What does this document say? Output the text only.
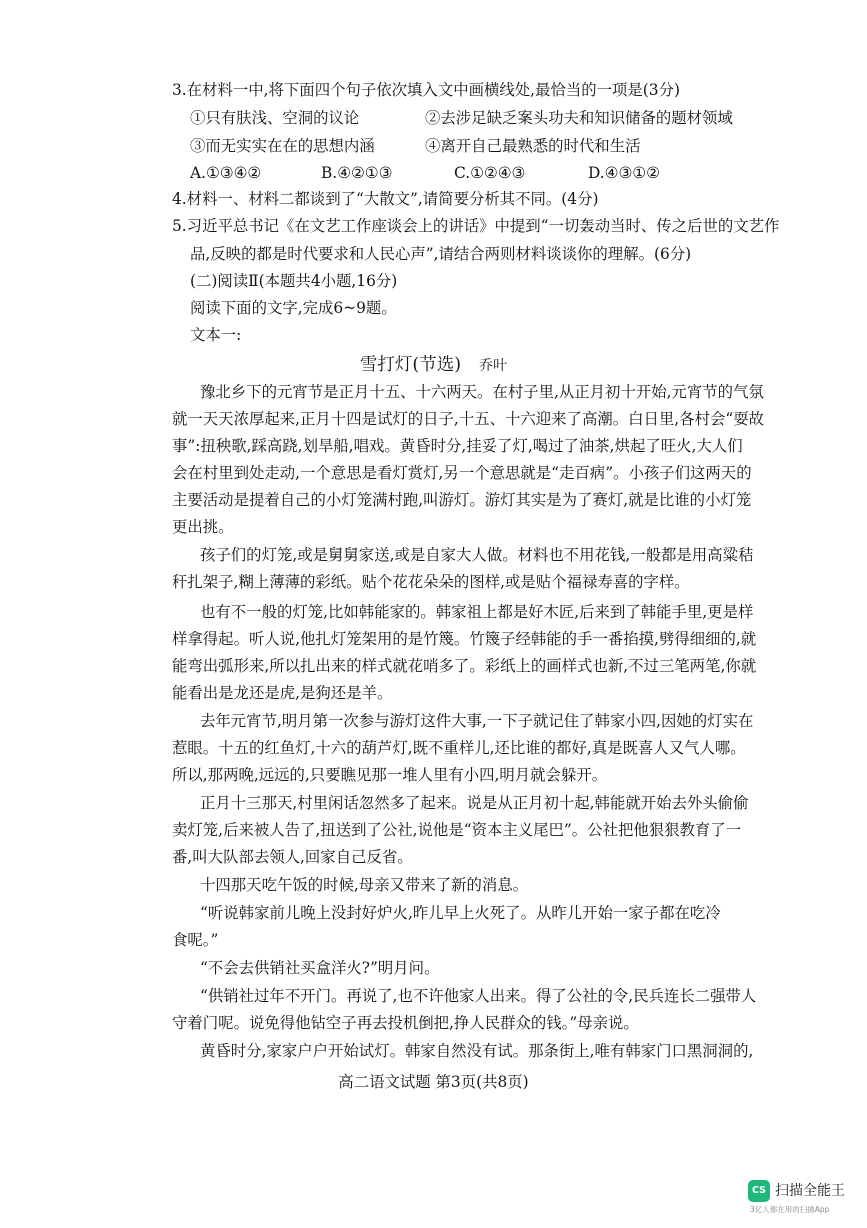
3.在材料一中,将下面四个句子依次填入文中画横线处,最恰当的一项是(3分)
①只有肤浅、空洞的议论	②去涉足缺乏案头功夫和知识储备的题材领域
③而无实实在在的思想内涵	④离开自己最熟悉的时代和生活
A.①③④②	B.④②①③	C.①②④③	D.④③①②
4.材料一、材料二都谈到了“大散文”,请简要分析其不同。(4分)
5.习近平总书记《在文艺工作座谈会上的讲话》中提到“一切轰动当时、传之后世的文艺作
品,反映的都是时代要求和人民心声”,请结合两则材料谈谈你的理解。(6分)
(二)阅读Ⅱ(本题共4小题,16分)
阅读下面的文字,完成6~9题。
文本一:
雪打灯(节选) 乔叶
豫北乡下的元宵节是正月十五、十六两天。在村子里,从正月初十开始,元宵节的气氛
就一天天浓厚起来,正月十四是试灯的日子,十五、十六迎来了高潮。白日里,各村会“耍故
事”:扭秧歌,踩高跷,划旱船,唱戏。黄昏时分,挂妥了灯,喝过了油茶,烘起了旺火,大人们
会在村里到处走动,一个意思是看灯赏灯,另一个意思就是“走百病”。小孩子们这两天的
主要活动是提着自己的小灯笼满村跑,叫游灯。游灯其实是为了赛灯,就是比谁的小灯笼
更出挑。
孩子们的灯笼,或是舅舅家送,或是自家大人做。材料也不用花钱,一般都是用高粱秸
秆扎架子,糊上薄薄的彩纸。贴个花花朵朵的图样,或是贴个福禄寿喜的字样。
也有不一般的灯笼,比如韩能家的。韩家祖上都是好木匠,后来到了韩能手里,更是样
样拿得起。听人说,他扎灯笼架用的是竹篾。竹篾子经韩能的手一番掐摸,劈得细细的,就
能弯出弧形来,所以扎出来的样式就花哨多了。彩纸上的画样式也新,不过三笔两笔,你就
能看出是龙还是虎,是狗还是羊。
去年元宵节,明月第一次参与游灯这件大事,一下子就记住了韩家小四,因她的灯实在
惹眼。十五的红鱼灯,十六的葫芦灯,既不重样儿,还比谁的都好,真是既喜人又气人哪。
所以,那两晚,远远的,只要瞧见那一堆人里有小四,明月就会躲开。
正月十三那天,村里闲话忽然多了起来。说是从正月初十起,韩能就开始去外头偷偷
卖灯笼,后来被人告了,扭送到了公社,说他是“资本主义尾巴”。公社把他狠狠教育了一
番,叫大队部去领人,回家自己反省。
十四那天吃午饭的时候,母亲又带来了新的消息。
“听说韩家前儿晚上没封好炉火,昨儿早上火死了。从昨儿开始一家子都在吃冷
食呢。”
“不会去供销社买盒洋火?”明月问。
“供销社过年不开门。再说了,也不许他家人出来。得了公社的令,民兵连长二强带人
守着门呢。说免得他钻空子再去投机倒把,挣人民群众的钱。”母亲说。
黄昏时分,家家户户开始试灯。韩家自然没有试。那条街上,唯有韩家门口黑洞洞的,
高二语文试题 第3页(共8页)
CS 扫描全能王
3亿人都在用的扫描App
